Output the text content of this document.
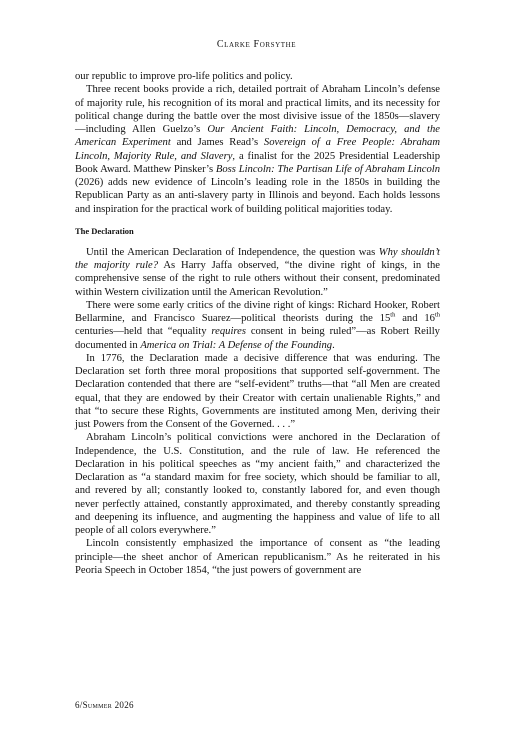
Clarke Forsythe

our republic to improve pro-life politics and policy.

Three recent books provide a rich, detailed portrait of Abraham Lincoln’s defense of majority rule, his recognition of its moral and practical limits, and its necessity for political change during the battle over the most divisive issue of the 1850s—slavery—including Allen Guelzo’s Our Ancient Faith: Lincoln, Democracy, and the American Experiment and James Read’s Sovereign of a Free People: Abraham Lincoln, Majority Rule, and Slavery, a finalist for the 2025 Presidential Leadership Book Award. Matthew Pinsker’s Boss Lincoln: The Partisan Life of Abraham Lincoln (2026) adds new evidence of Lincoln’s leading role in the 1850s in building the Republican Party as an anti-slavery party in Illinois and beyond. Each holds lessons and inspiration for the practical work of building political majorities today.

The Declaration

Until the American Declaration of Independence, the question was Why shouldn’t the majority rule? As Harry Jaffa observed, “the divine right of kings, in the comprehensive sense of the right to rule others without their consent, predominated within Western civilization until the American Revolution.”

There were some early critics of the divine right of kings: Richard Hooker, Robert Bellarmine, and Francisco Suarez—political theorists during the 15th and 16th centuries—held that “equality requires consent in being ruled”—as Robert Reilly documented in America on Trial: A Defense of the Founding.

In 1776, the Declaration made a decisive difference that was enduring. The Declaration set forth three moral propositions that supported self-government. The Declaration contended that there are “self-evident” truths—that “all Men are created equal, that they are endowed by their Creator with certain unalienable Rights,” and that “to secure these Rights, Governments are instituted among Men, deriving their just Powers from the Consent of the Governed. . . .”

Abraham Lincoln’s political convictions were anchored in the Declaration of Independence, the U.S. Constitution, and the rule of law. He referenced the Declaration in his political speeches as “my ancient faith,” and characterized the Declaration as “a standard maxim for free society, which should be familiar to all, and revered by all; constantly looked to, constantly labored for, and even though never perfectly attained, constantly approximated, and thereby constantly spreading and deepening its influence, and augmenting the happiness and value of life to all people of all colors everywhere.”

Lincoln consistently emphasized the importance of consent as “the leading principle—the sheet anchor of American republicanism.” As he reiterated in his Peoria Speech in October 1854, “the just powers of government are

6/Summer 2026
